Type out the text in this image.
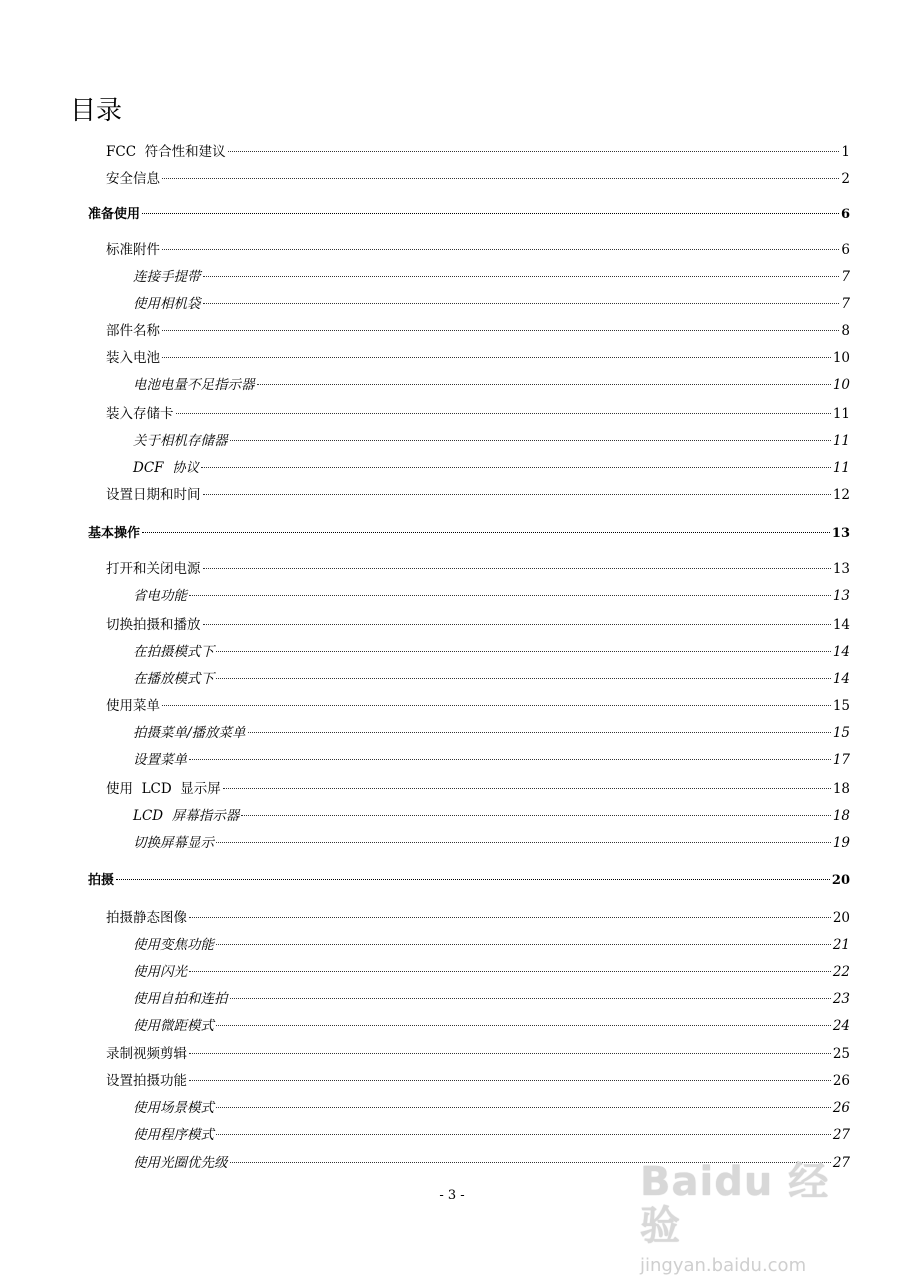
目录
FCC  符合性和建议	1
安全信息	2
准备使用	6
标准附件	6
连接手提带	7
使用相机袋	7
部件名称	8
装入电池	10
电池电量不足指示器	10
装入存储卡	11
关于相机存储器	11
DCF  协议	11
设置日期和时间	12
基本操作	13
打开和关闭电源	13
省电功能	13
切换拍摄和播放	14
在拍摄模式下	14
在播放模式下	14
使用菜单	15
拍摄菜单/播放菜单	15
设置菜单	17
使用  LCD  显示屏	18
LCD  屏幕指示器	18
切换屏幕显示	19
拍摄	20
拍摄静态图像	20
使用变焦功能	21
使用闪光	22
使用自拍和连拍	23
使用微距模式	24
录制视频剪辑	25
设置拍摄功能	26
使用场景模式	26
使用程序模式	27
使用光圈优先级	27
- 3 -	Baidu 经验
jingyan.baidu.com
